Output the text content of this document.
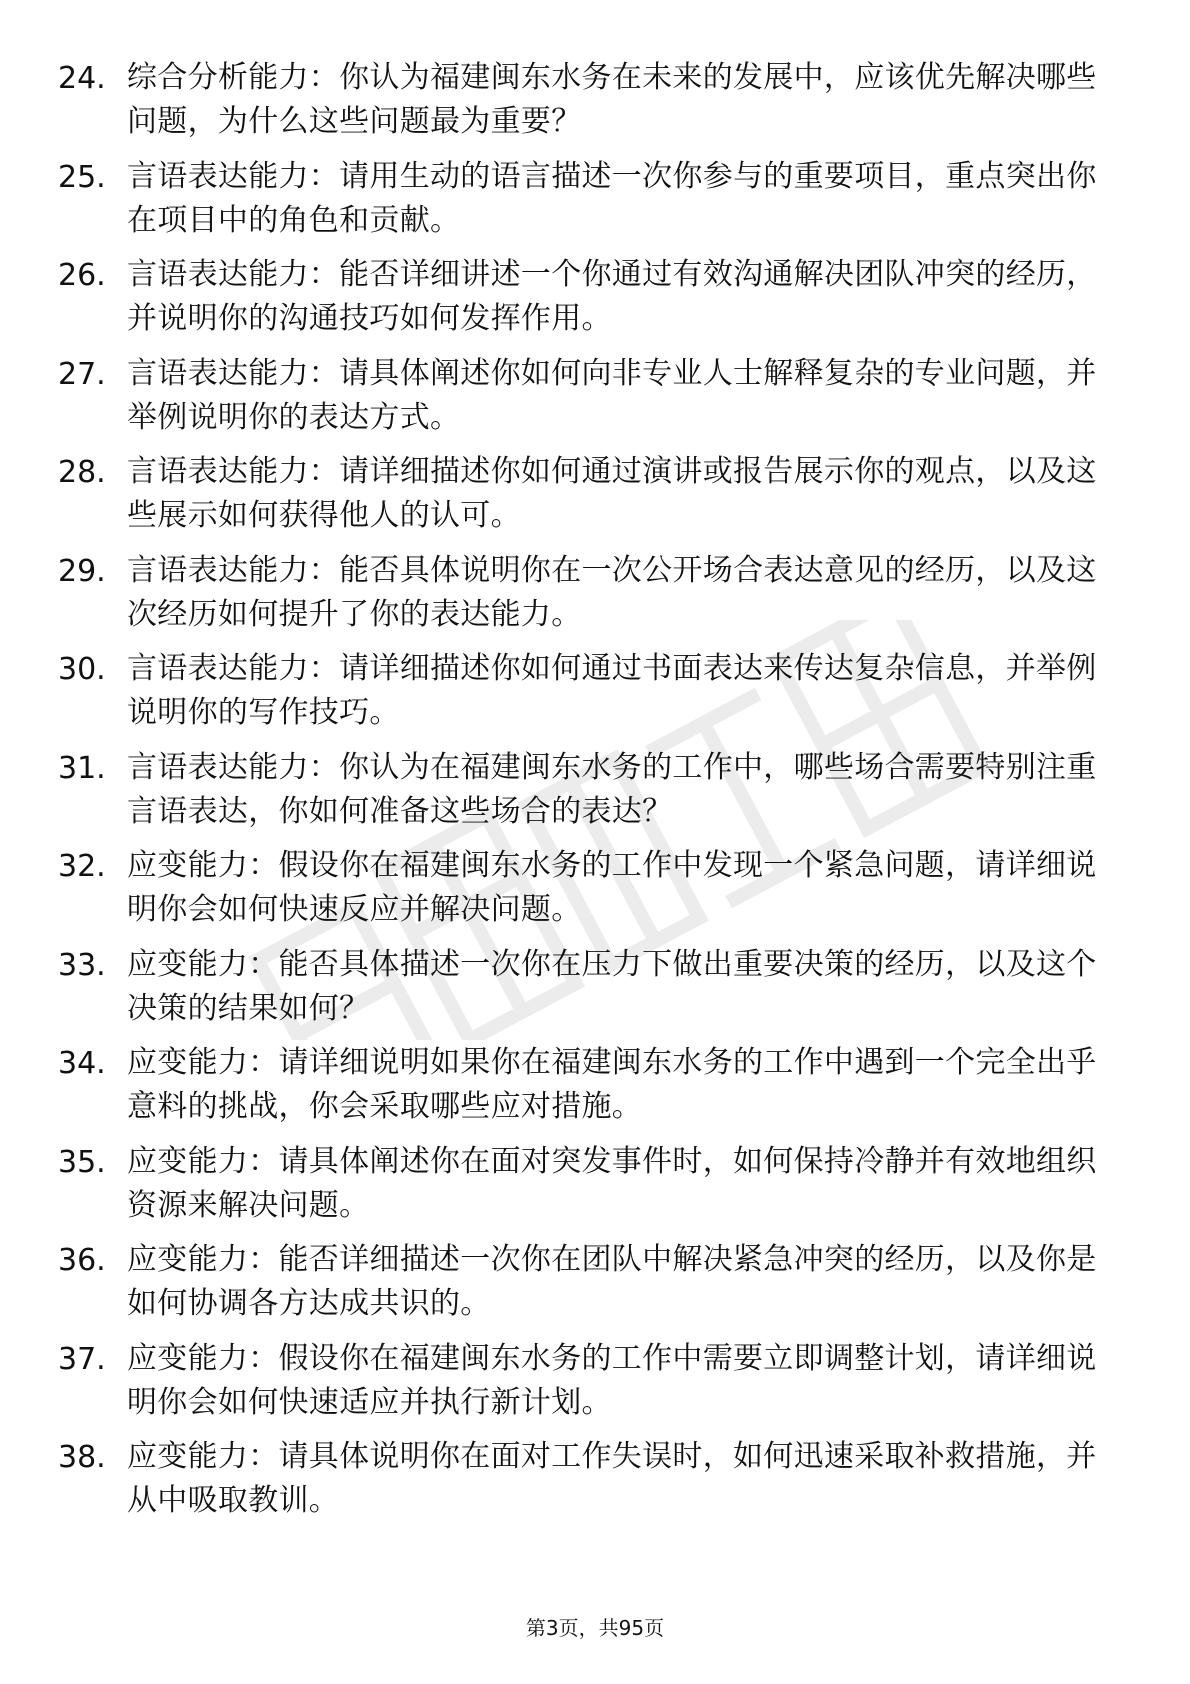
24. 综合分析能力：你认为福建闽东水务在未来的发展中，应该优先解决哪些问题，为什么这些问题最为重要？
25. 言语表达能力：请用生动的语言描述一次你参与的重要项目，重点突出你在项目中的角色和贡献。
26. 言语表达能力：能否详细讲述一个你通过有效沟通解决团队冲突的经历，并说明你的沟通技巧如何发挥作用。
27. 言语表达能力：请具体阐述你如何向非专业人士解释复杂的专业问题，并举例说明你的表达方式。
28. 言语表达能力：请详细描述你如何通过演讲或报告展示你的观点，以及这些展示如何获得他人的认可。
29. 言语表达能力：能否具体说明你在一次公开场合表达意见的经历，以及这次经历如何提升了你的表达能力。
30. 言语表达能力：请详细描述你如何通过书面表达来传达复杂信息，并举例说明你的写作技巧。
31. 言语表达能力：你认为在福建闽东水务的工作中，哪些场合需要特别注重言语表达，你如何准备这些场合的表达？
32. 应变能力：假设你在福建闽东水务的工作中发现一个紧急问题，请详细说明你会如何快速反应并解决问题。
33. 应变能力：能否具体描述一次你在压力下做出重要决策的经历，以及这个决策的结果如何？
34. 应变能力：请详细说明如果你在福建闽东水务的工作中遇到一个完全出乎意料的挑战，你会采取哪些应对措施。
35. 应变能力：请具体阐述你在面对突发事件时，如何保持冷静并有效地组织资源来解决问题。
36. 应变能力：能否详细描述一次你在团队中解决紧急冲突的经历，以及你是如何协调各方达成共识的。
37. 应变能力：假设你在福建闽东水务的工作中需要立即调整计划，请详细说明你会如何快速适应并执行新计划。
38. 应变能力：请具体说明你在面对工作失误时，如何迅速采取补救措施，并从中吸取教训。
第3页，共95页
